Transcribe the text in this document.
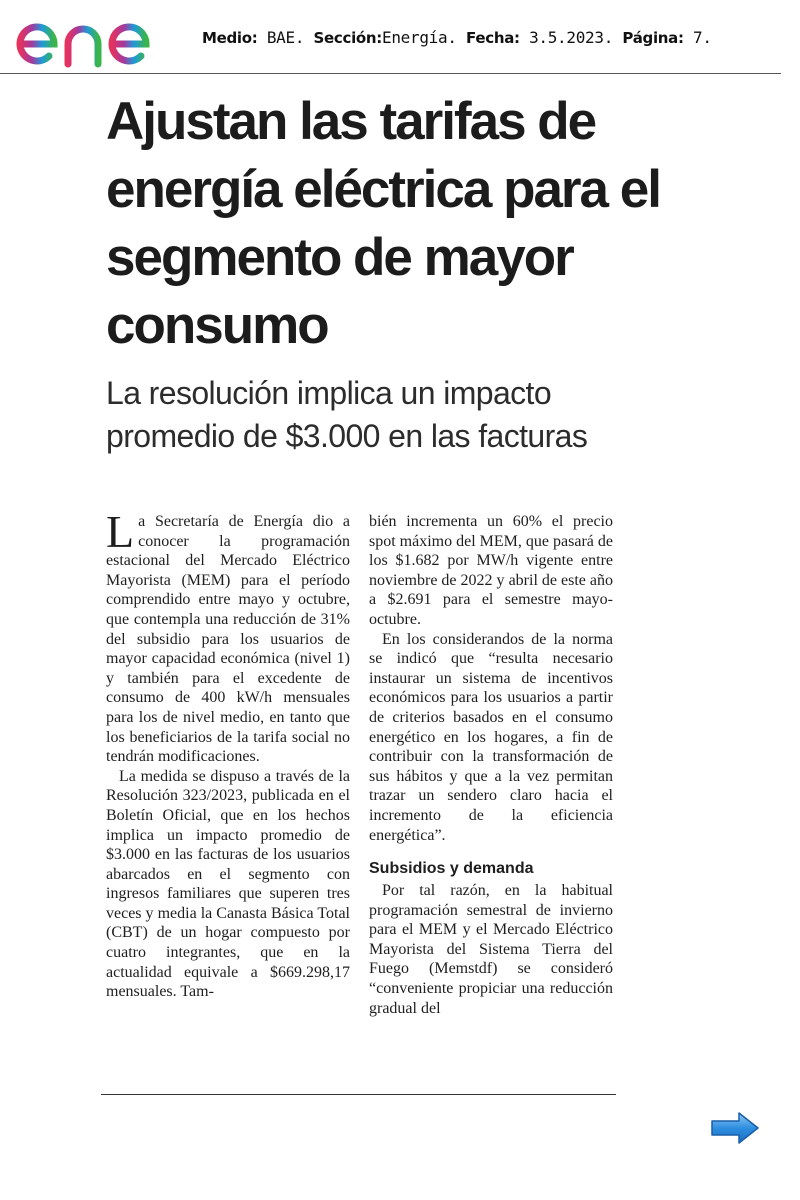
Medio: BAE. Sección:Energía. Fecha: 3.5.2023. Página: 7.
Ajustan las tarifas de energía eléctrica para el segmento de mayor consumo
La resolución implica un impacto promedio de $3.000 en las facturas

La Secretaría de Energía dio a conocer la programación estacional del Mercado Eléctrico Mayorista (MEM) para el período comprendido entre mayo y octubre, que contempla una reducción de 31% del subsidio para los usuarios de mayor capacidad económica (nivel 1) y también para el excedente de consumo de 400 kW/h mensuales para los de nivel medio, en tanto que los beneficiarios de la tarifa social no tendrán modificaciones.

La medida se dispuso a través de la Resolución 323/2023, publicada en el Boletín Oficial, que en los hechos implica un impacto promedio de $3.000 en las facturas de los usuarios abarcados en el segmento con ingresos familiares que superen tres veces y media la Canasta Básica Total (CBT) de un hogar compuesto por cuatro integrantes, que en la actualidad equivale a $669.298,17 mensuales. Tam-

bién incrementa un 60% el precio spot máximo del MEM, que pasará de los $1.682 por MW/h vigente entre noviembre de 2022 y abril de este año a $2.691 para el semestre mayo-octubre.

En los considerandos de la norma se indicó que “resulta necesario instaurar un sistema de incentivos económicos para los usuarios a partir de criterios basados en el consumo energético en los hogares, a fin de contribuir con la transformación de sus hábitos y que a la vez permitan trazar un sendero claro hacia el incremento de la eficiencia energética”.

Subsidios y demanda

Por tal razón, en la habitual programación semestral de invierno para el MEM y el Mercado Eléctrico Mayorista del Sistema Tierra del Fuego (Memstdf) se consideró “conveniente propiciar una reducción gradual del
